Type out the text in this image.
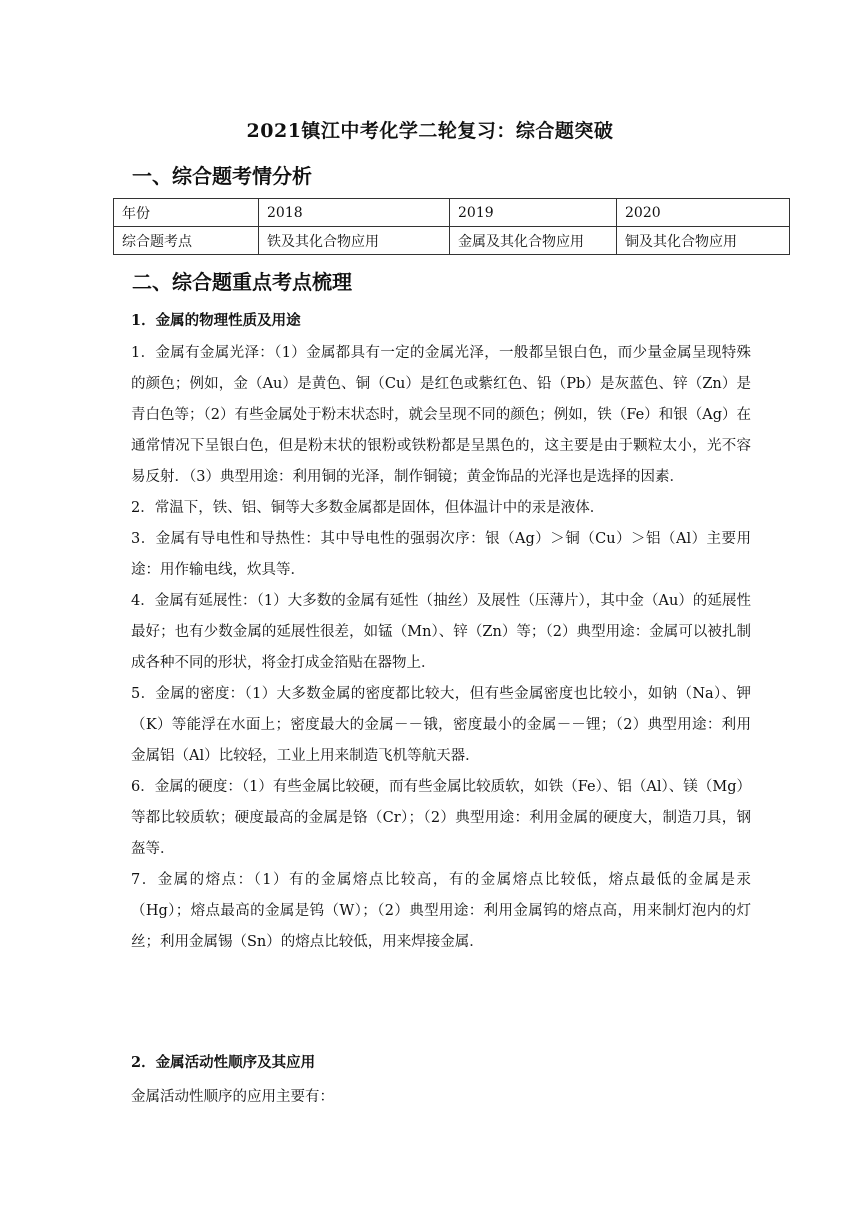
2021镇江中考化学二轮复习：综合题突破
一、综合题考情分析
年份	2018	2019	2020
综合题考点	铁及其化合物应用	金属及其化合物应用	铜及其化合物应用
二、综合题重点考点梳理
1．金属的物理性质及用途

1．金属有金属光泽：（1）金属都具有一定的金属光泽，一般都呈银白色，而少量金属呈现特殊的颜色；例如，金（Au）是黄色、铜（Cu）是红色或紫红色、铅（Pb）是灰蓝色、锌（Zn）是青白色等；（2）有些金属处于粉末状态时，就会呈现不同的颜色；例如，铁（Fe）和银（Ag）在通常情况下呈银白色，但是粉末状的银粉或铁粉都是呈黑色的，这主要是由于颗粒太小，光不容易反射．（3）典型用途：利用铜的光泽，制作铜镜；黄金饰品的光泽也是选择的因素．

2．常温下，铁、铝、铜等大多数金属都是固体，但体温计中的汞是液体．

3．金属有导电性和导热性：其中导电性的强弱次序：银（Ag）＞铜（Cu）＞铝（Al）主要用途：用作输电线，炊具等．

4．金属有延展性：（1）大多数的金属有延性（抽丝）及展性（压薄片），其中金（Au）的延展性最好；也有少数金属的延展性很差，如锰（Mn）、锌（Zn）等；（2）典型用途：金属可以被扎制成各种不同的形状，将金打成金箔贴在器物上．

5．金属的密度：（1）大多数金属的密度都比较大，但有些金属密度也比较小，如钠（Na）、钾（K）等能浮在水面上；密度最大的金属－－锇，密度最小的金属－－锂；（2）典型用途：利用金属铝（Al）比较轻，工业上用来制造飞机等航天器．

6．金属的硬度：（1）有些金属比较硬，而有些金属比较质软，如铁（Fe）、铝（Al）、镁（Mg）等都比较质软；硬度最高的金属是铬（Cr）；（2）典型用途：利用金属的硬度大，制造刀具，钢盔等．

7．金属的熔点：（1）有的金属熔点比较高，有的金属熔点比较低，熔点最低的金属是汞（Hg）；熔点最高的金属是钨（W）；（2）典型用途：利用金属钨的熔点高，用来制灯泡内的灯丝；利用金属锡（Sn）的熔点比较低，用来焊接金属．

2．金属活动性顺序及其应用
金属活动性顺序的应用主要有：
